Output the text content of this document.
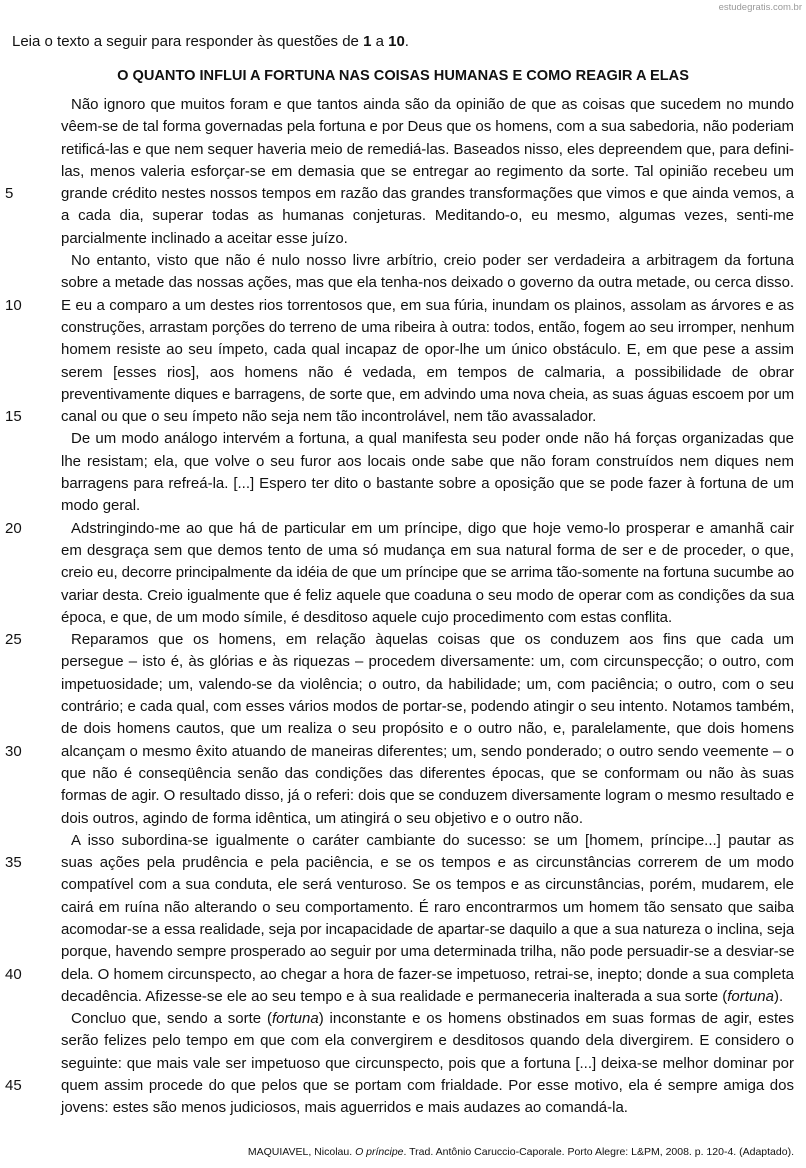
estudegratis.com.br
Leia o texto a seguir para responder às questões de 1 a 10.
O QUANTO INFLUI A FORTUNA NAS COISAS HUMANAS E COMO REAGIR A ELAS
Não ignoro que muitos foram e que tantos ainda são da opinião de que as coisas que sucedem no mundo
vêem-se de tal forma governadas pela fortuna e por Deus que os homens, com a sua sabedoria, não poderiam
retificá-las e que nem sequer haveria meio de remediá-las. Baseados nisso, eles depreendem que, para defini-
las, menos valeria esforçar-se em demasia que se entregar ao regimento da sorte. Tal opinião recebeu um
5	grande crédito nestes nossos tempos em razão das grandes transformações que vimos e que ainda vemos, a
a cada dia, superar todas as humanas conjeturas. Meditando-o, eu mesmo, algumas vezes, senti-me
parcialmente inclinado a aceitar esse juízo.
No entanto, visto que não é nulo nosso livre arbítrio, creio poder ser verdadeira a arbitragem da fortuna
sobre a metade das nossas ações, mas que ela tenha-nos deixado o governo da outra metade, ou cerca disso.
10	E eu a comparo a um destes rios torrentosos que, em sua fúria, inundam os plainos, assolam as árvores e as
construções, arrastam porções do terreno de uma ribeira à outra: todos, então, fogem ao seu irromper, nenhum
homem resiste ao seu ímpeto, cada qual incapaz de opor-lhe um único obstáculo. E, em que pese a assim
serem [esses rios], aos homens não é vedada, em tempos de calmaria, a possibilidade de obrar
preventivamente diques e barragens, de sorte que, em advindo uma nova cheia, as suas águas escoem por um
15	canal ou que o seu ímpeto não seja nem tão incontrolável, nem tão avassalador.
De um modo análogo intervém a fortuna, a qual manifesta seu poder onde não há forças organizadas que
lhe resistam; ela, que volve o seu furor aos locais onde sabe que não foram construídos nem diques nem
barragens para refreá-la. [...] Espero ter dito o bastante sobre a oposição que se pode fazer à fortuna de um
modo geral.
20	Adstringindo-me ao que há de particular em um príncipe, digo que hoje vemo-lo prosperar e amanhã cair
em desgraça sem que demos tento de uma só mudança em sua natural forma de ser e de proceder, o que,
creio eu, decorre principalmente da idéia de que um príncipe que se arrima tão-somente na fortuna sucumbe ao
variar desta. Creio igualmente que é feliz aquele que coaduna o seu modo de operar com as condições da sua
época, e que, de um modo símile, é desditoso aquele cujo procedimento com estas conflita.
25	Reparamos que os homens, em relação àquelas coisas que os conduzem aos fins que cada um
persegue – isto é, às glórias e às riquezas – procedem diversamente: um, com circunspecção; o outro, com
impetuosidade; um, valendo-se da violência; o outro, da habilidade; um, com paciência; o outro, com o seu
contrário; e cada qual, com esses vários modos de portar-se, podendo atingir o seu intento. Notamos também,
de dois homens cautos, que um realiza o seu propósito e o outro não, e, paralelamente, que dois homens
30	alcançam o mesmo êxito atuando de maneiras diferentes; um, sendo ponderado; o outro sendo veemente – o
que não é conseqüência senão das condições das diferentes épocas, que se conformam ou não às suas
formas de agir. O resultado disso, já o referi: dois que se conduzem diversamente logram o mesmo resultado e
dois outros, agindo de forma idêntica, um atingirá o seu objetivo e o outro não.
A isso subordina-se igualmente o caráter cambiante do sucesso: se um [homem, príncipe...] pautar as
35	suas ações pela prudência e pela paciência, e se os tempos e as circunstâncias correrem de um modo
compatível com a sua conduta, ele será venturoso. Se os tempos e as circunstâncias, porém, mudarem, ele
cairá em ruína não alterando o seu comportamento. É raro encontrarmos um homem tão sensato que saiba
acomodar-se a essa realidade, seja por incapacidade de apartar-se daquilo a que a sua natureza o inclina, seja
porque, havendo sempre prosperado ao seguir por uma determinada trilha, não pode persuadir-se a desviar-se
40	dela. O homem circunspecto, ao chegar a hora de fazer-se impetuoso, retrai-se, inepto; donde a sua completa
decadência. Afizesse-se ele ao seu tempo e à sua realidade e permaneceria inalterada a sua sorte (fortuna).
Concluo que, sendo a sorte (fortuna) inconstante e os homens obstinados em suas formas de agir, estes
serão felizes pelo tempo em que com ela convergirem e desditosos quando dela divergirem. E considero o
seguinte: que mais vale ser impetuoso que circunspecto, pois que a fortuna [...] deixa-se melhor dominar por
45	quem assim procede do que pelos que se portam com frialdade. Por esse motivo, ela é sempre amiga dos
jovens: estes são menos judiciosos, mais aguerridos e mais audazes ao comandá-la.
MAQUIAVEL, Nicolau. O príncipe. Trad. Antônio Caruccio-Caporale. Porto Alegre: L&PM, 2008. p. 120-4. (Adaptado).
